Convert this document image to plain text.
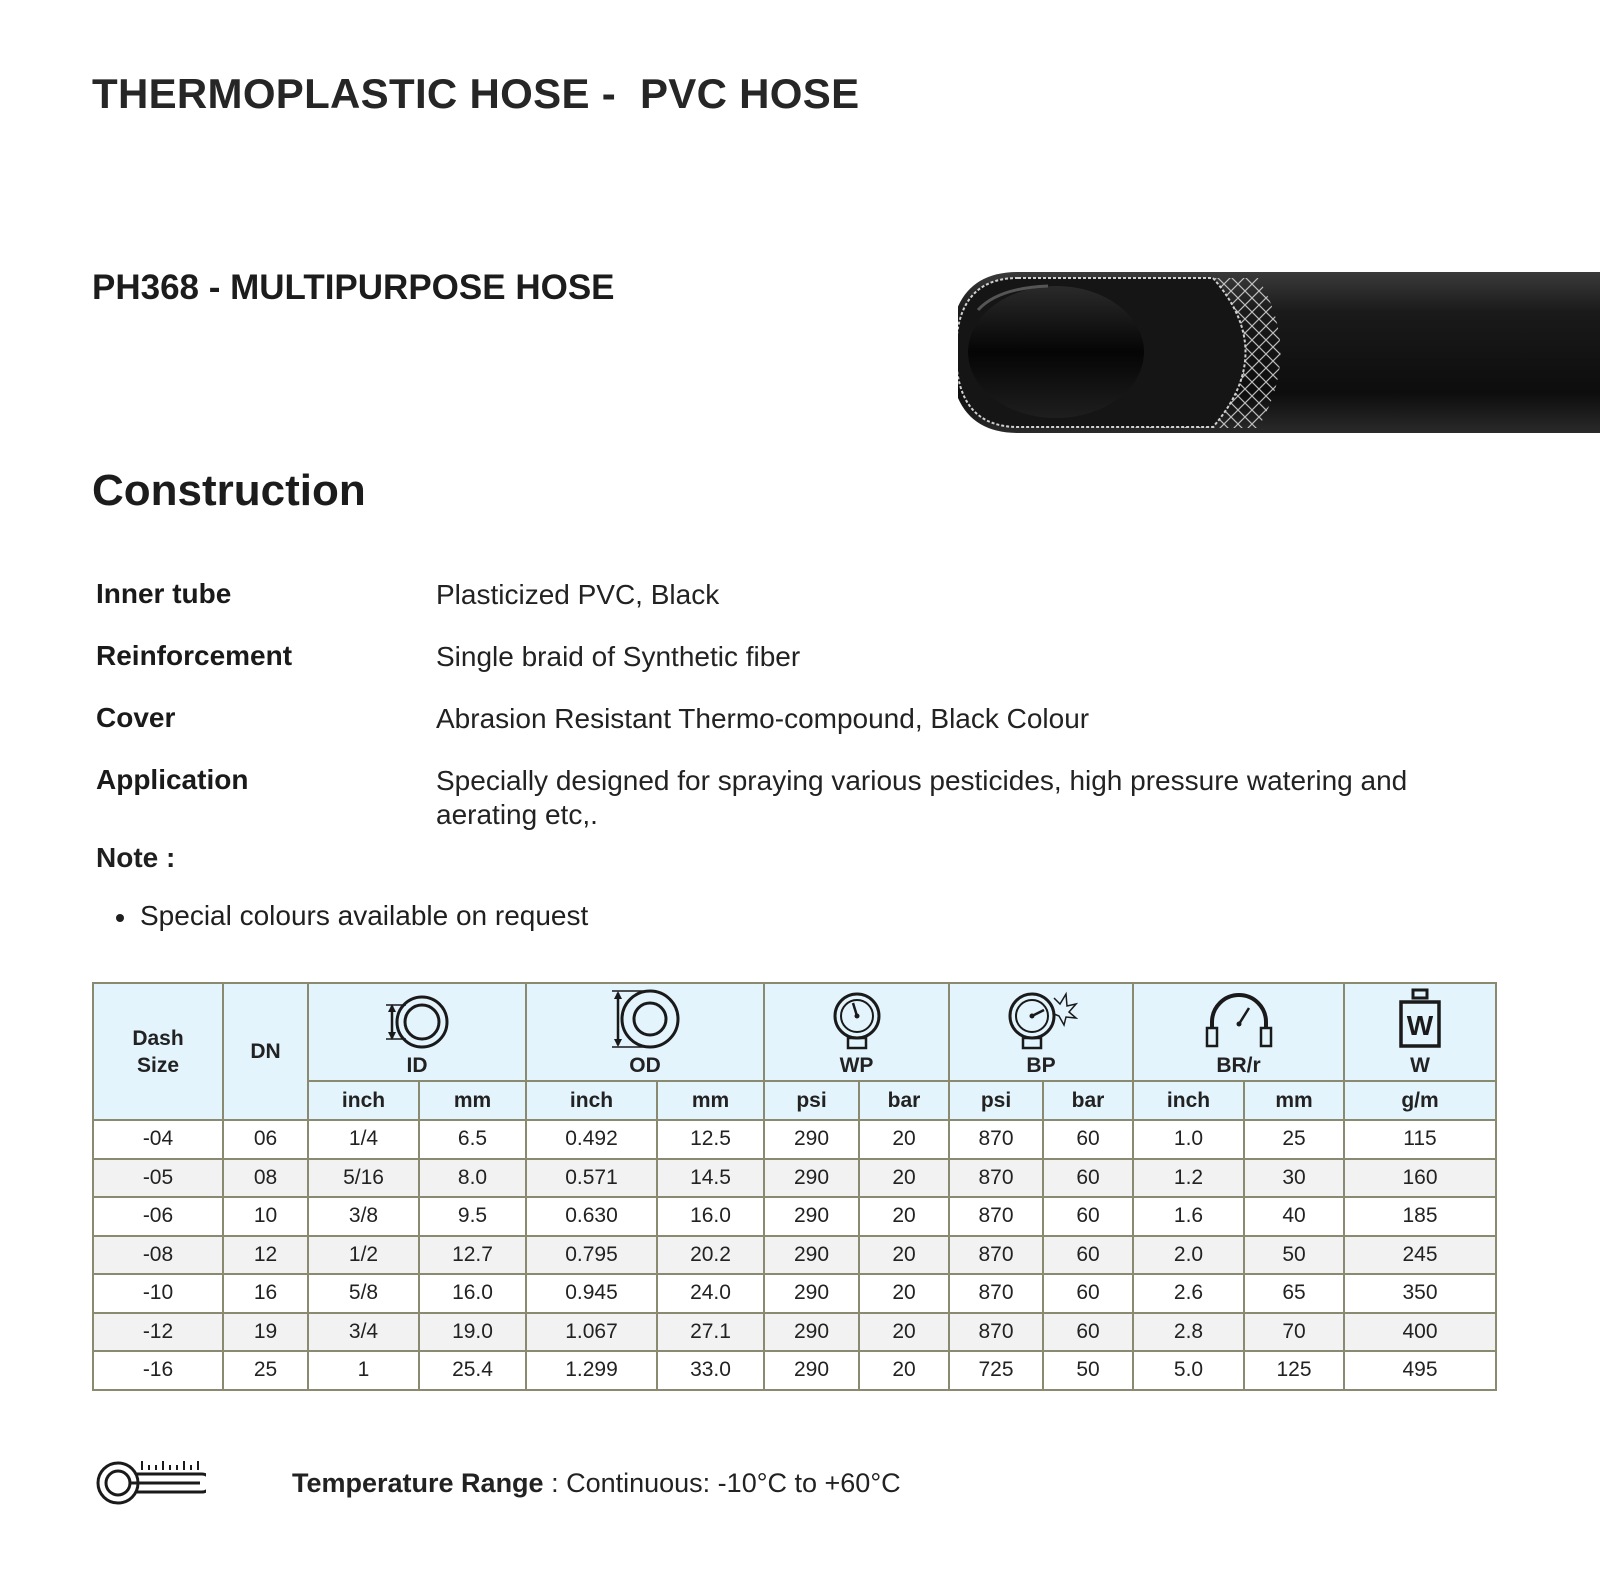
THERMOPLASTIC HOSE -  PVC HOSE
PH368 - MULTIPURPOSE HOSE
Construction
Inner tube	Plasticized PVC, Black
Reinforcement	Single braid of Synthetic fiber
Cover	Abrasion Resistant Thermo-compound, Black Colour
Application	Specially designed for spraying various pesticides, high pressure watering and aerating etc,.
Note :
Special colours available on request
Dash Size	DN	ID		OD		WP		BP		BR/r		W
W

		inch	mm	inch	mm	psi	bar	psi	bar	inch	mm	g/m
-04	06	1/4	6.5	0.492	12.5	290	20	870	60	1.0	25	115
-05	08	5/16	8.0	0.571	14.5	290	20	870	60	1.2	30	160
-06	10	3/8	9.5	0.630	16.0	290	20	870	60	1.6	40	185
-08	12	1/2	12.7	0.795	20.2	290	20	870	60	2.0	50	245
-10	16	5/8	16.0	0.945	24.0	290	20	870	60	2.6	65	350
-12	19	3/4	19.0	1.067	27.1	290	20	870	60	2.8	70	400
-16	25	1	25.4	1.299	33.0	290	20	725	50	5.0	125	495
Temperature Range : Continuous: -10°C to +60°C
